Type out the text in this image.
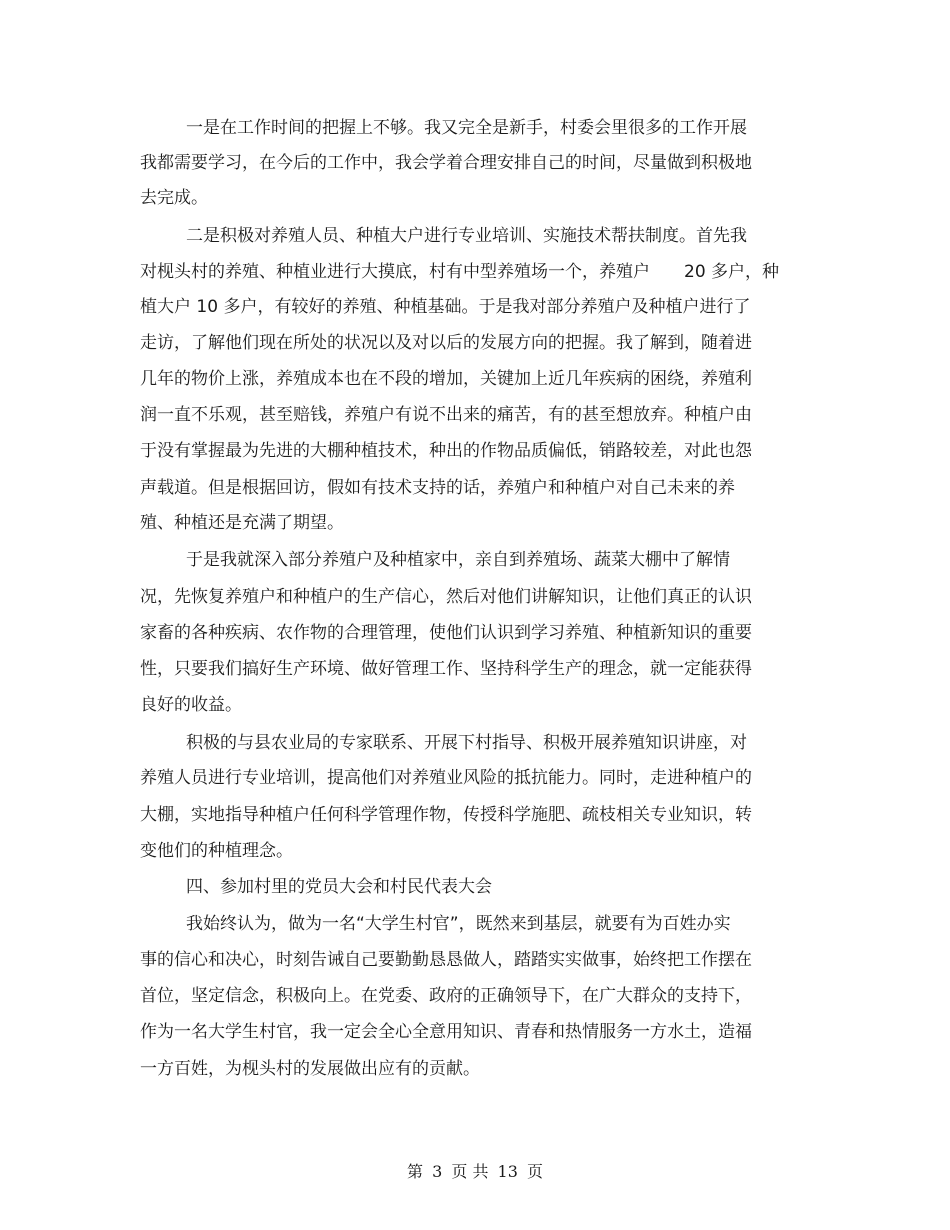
一是在工作时间的把握上不够。我又完全是新手，村委会里很多的工作开展
我都需要学习，在今后的工作中，我会学着合理安排自己的时间，尽量做到积极地
去完成。
二是积极对养殖人员、种植大户进行专业培训、实施技术帮扶制度。首先我
对枧头村的养殖、种植业进行大摸底，村有中型养殖场一个，养殖户　　20 多户，种
植大户 10 多户，有较好的养殖、种植基础。于是我对部分养殖户及种植户进行了
走访，了解他们现在所处的状况以及对以后的发展方向的把握。我了解到，随着进
几年的物价上涨，养殖成本也在不段的增加，关键加上近几年疾病的困绕，养殖利
润一直不乐观，甚至赔钱，养殖户有说不出来的痛苦，有的甚至想放弃。种植户由
于没有掌握最为先进的大棚种植技术，种出的作物品质偏低，销路较差，对此也怨
声载道。但是根据回访，假如有技术支持的话，养殖户和种植户对自己未来的养
殖、种植还是充满了期望。
于是我就深入部分养殖户及种植家中，亲自到养殖场、蔬菜大棚中了解情
况，先恢复养殖户和种植户的生产信心，然后对他们讲解知识，让他们真正的认识
家畜的各种疾病、农作物的合理管理，使他们认识到学习养殖、种植新知识的重要
性，只要我们搞好生产环境、做好管理工作、坚持科学生产的理念，就一定能获得
良好的收益。
积极的与县农业局的专家联系、开展下村指导、积极开展养殖知识讲座，对
养殖人员进行专业培训，提高他们对养殖业风险的抵抗能力。同时，走进种植户的
大棚，实地指导种植户任何科学管理作物，传授科学施肥、疏枝相关专业知识，转
变他们的种植理念。
四、参加村里的党员大会和村民代表大会
我始终认为，做为一名“大学生村官”，既然来到基层，就要有为百姓办实
事的信心和决心，时刻告诫自己要勤勤恳恳做人，踏踏实实做事，始终把工作摆在
首位，坚定信念，积极向上。在党委、政府的正确领导下，在广大群众的支持下，
作为一名大学生村官，我一定会全心全意用知识、青春和热情服务一方水土，造福
一方百姓，为枧头村的发展做出应有的贡献。
第 3 页 共 13 页
